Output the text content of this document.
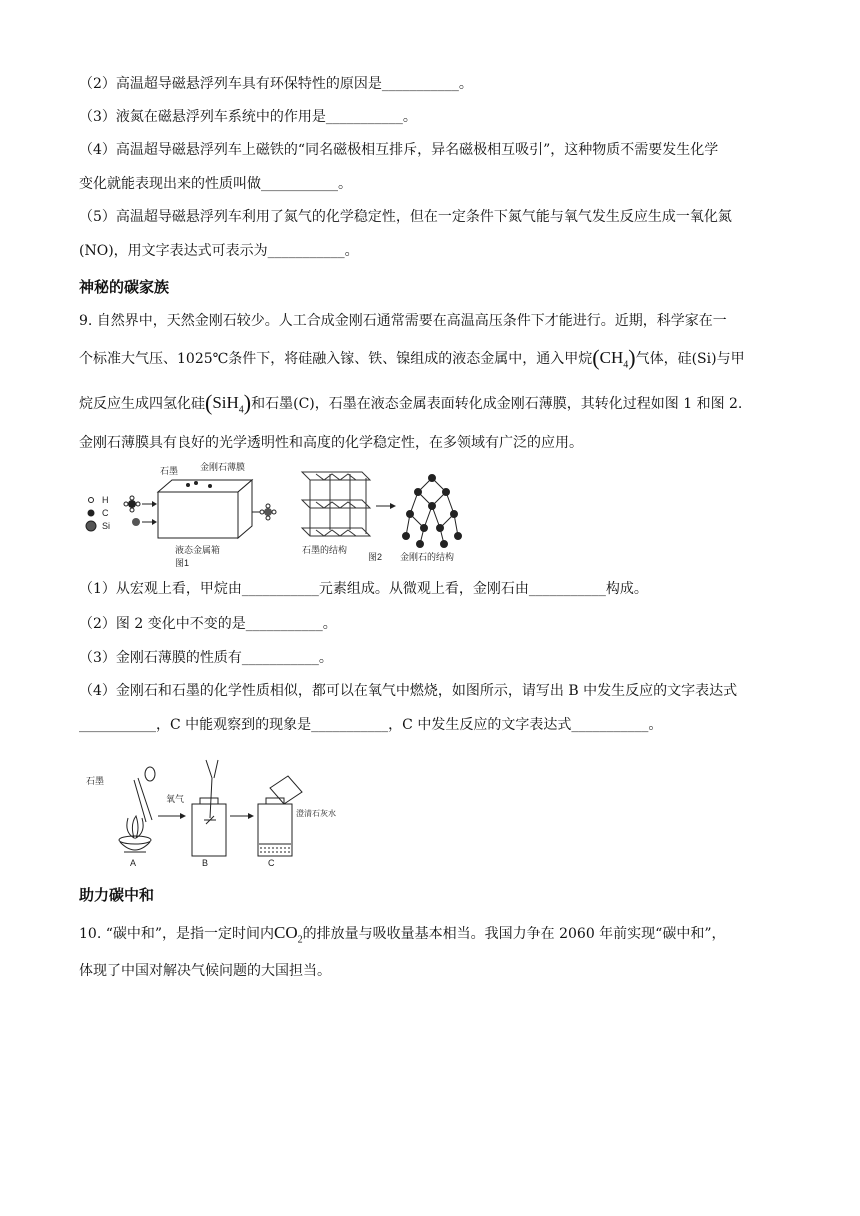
（2）高温超导磁悬浮列车具有环保特性的原因是___________。
（3）液氮在磁悬浮列车系统中的作用是___________。
（4）高温超导磁悬浮列车上磁铁的“同名磁极相互排斥，异名磁极相互吸引”，这种物质不需要发生化学
变化就能表现出来的性质叫做___________。
（5）高温超导磁悬浮列车利用了氮气的化学稳定性，但在一定条件下氮气能与氧气发生反应生成一氧化氮
(NO)，用文字表达式可表示为___________。
神秘的碳家族
9. 自然界中，天然金刚石较少。人工合成金刚石通常需要在高温高压条件下才能进行。近期，科学家在一
个标准大气压、1025℃条件下，将硅融入镓、铁、镍组成的液态金属中，通入甲烷$(CH_4)$气体，硅(Si)与甲
烷反应生成四氢化硅(SiH$_4$)和石墨(C)，石墨在液态金属表面转化成金刚石薄膜，其转化过程如图 1 和图 2.
金刚石薄膜具有良好的光学透明性和高度的化学稳定性，在多领域有广泛的应用。
H
C
Si
石墨 金刚石薄膜
液态金属箱
图1
石墨的结构
图2 金刚石的结构
（1）从宏观上看，甲烷由___________元素组成。从微观上看，金刚石由___________构成。
（2）图 2 变化中不变的是___________。
（3）金刚石薄膜的性质有___________。
（4）金刚石和石墨的化学性质相似，都可以在氧气中燃烧，如图所示，请写出 B 中发生反应的文字表达式
___________，C 中能观察到的现象是___________，C 中发生反应的文字表达式___________。
石墨
A
氧气
B
澄清石灰水
C
助力碳中和
10. “碳中和”，是指一定时间内$CO_2$的排放量与吸收量基本相当。我国力争在 2060 年前实现“碳中和”，
体现了中国对解决气候问题的大国担当。
